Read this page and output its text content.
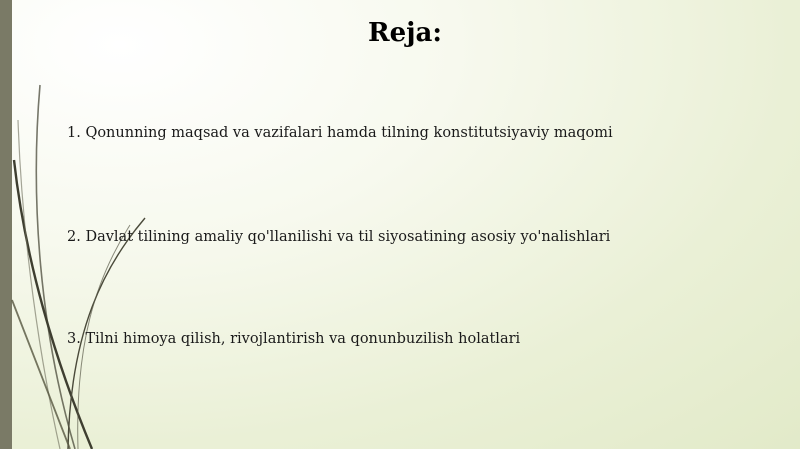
Reja:

1. Qonunning maqsad va vazifalari hamda tilning konstitutsiyaviy maqomi

2. Davlat tilining amaliy qo'llanilishi va til siyosatining asosiy yo'nalishlari

3. Tilni himoya qilish, rivojlantirish va qonunbuzilish holatlari
